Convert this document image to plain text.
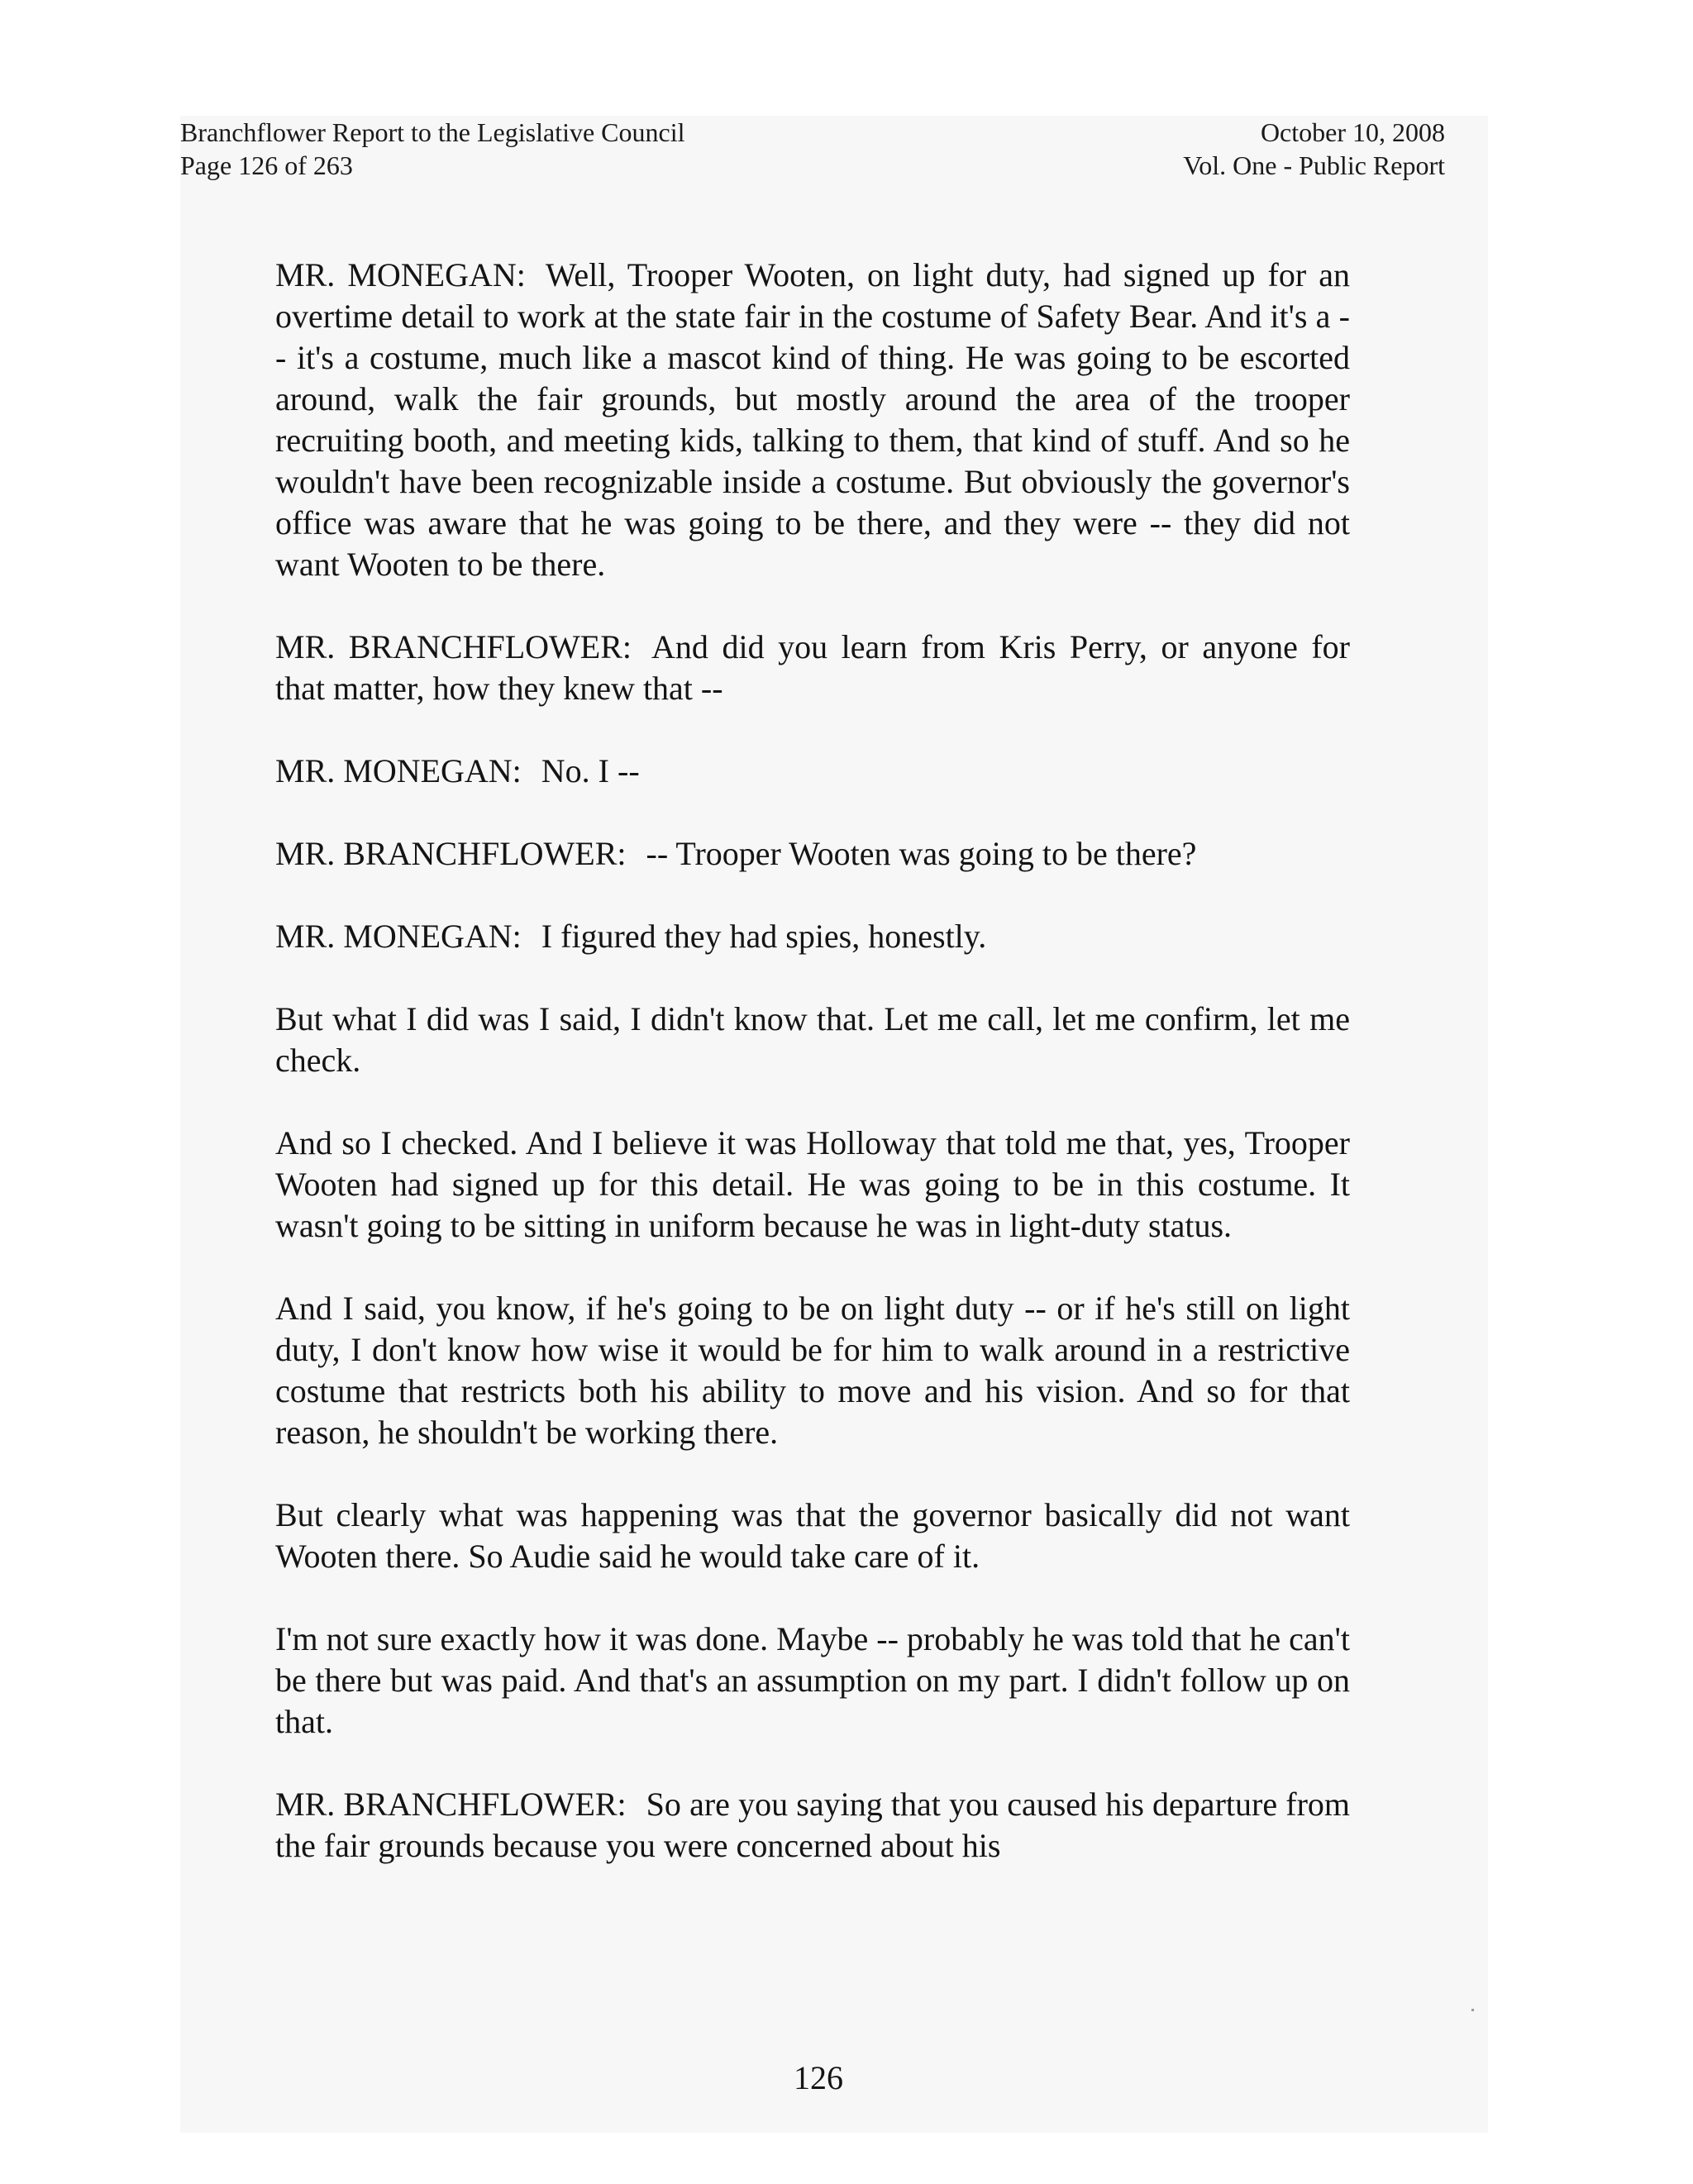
Branchflower Report to the Legislative Council
Page 126 of 263
October 10, 2008
Vol. One - Public Report

MR. MONEGAN: Well, Trooper Wooten, on light duty, had signed up for an overtime detail to work at the state fair in the costume of Safety Bear. And it's a -- it's a costume, much like a mascot kind of thing. He was going to be escorted around, walk the fair grounds, but mostly around the area of the trooper recruiting booth, and meeting kids, talking to them, that kind of stuff. And so he wouldn't have been recognizable inside a costume. But obviously the governor's office was aware that he was going to be there, and they were -- they did not want Wooten to be there.

MR. BRANCHFLOWER: And did you learn from Kris Perry, or anyone for that matter, how they knew that --

MR. MONEGAN: No. I --

MR. BRANCHFLOWER: -- Trooper Wooten was going to be there?

MR. MONEGAN: I figured they had spies, honestly.

But what I did was I said, I didn't know that. Let me call, let me confirm, let me check.

And so I checked. And I believe it was Holloway that told me that, yes, Trooper Wooten had signed up for this detail. He was going to be in this costume. It wasn't going to be sitting in uniform because he was in light-duty status.

And I said, you know, if he's going to be on light duty -- or if he's still on light duty, I don't know how wise it would be for him to walk around in a restrictive costume that restricts both his ability to move and his vision. And so for that reason, he shouldn't be working there.

But clearly what was happening was that the governor basically did not want Wooten there. So Audie said he would take care of it.

I'm not sure exactly how it was done. Maybe -- probably he was told that he can't be there but was paid. And that's an assumption on my part. I didn't follow up on that.

MR. BRANCHFLOWER: So are you saying that you caused his departure from the fair grounds because you were concerned about his

126
